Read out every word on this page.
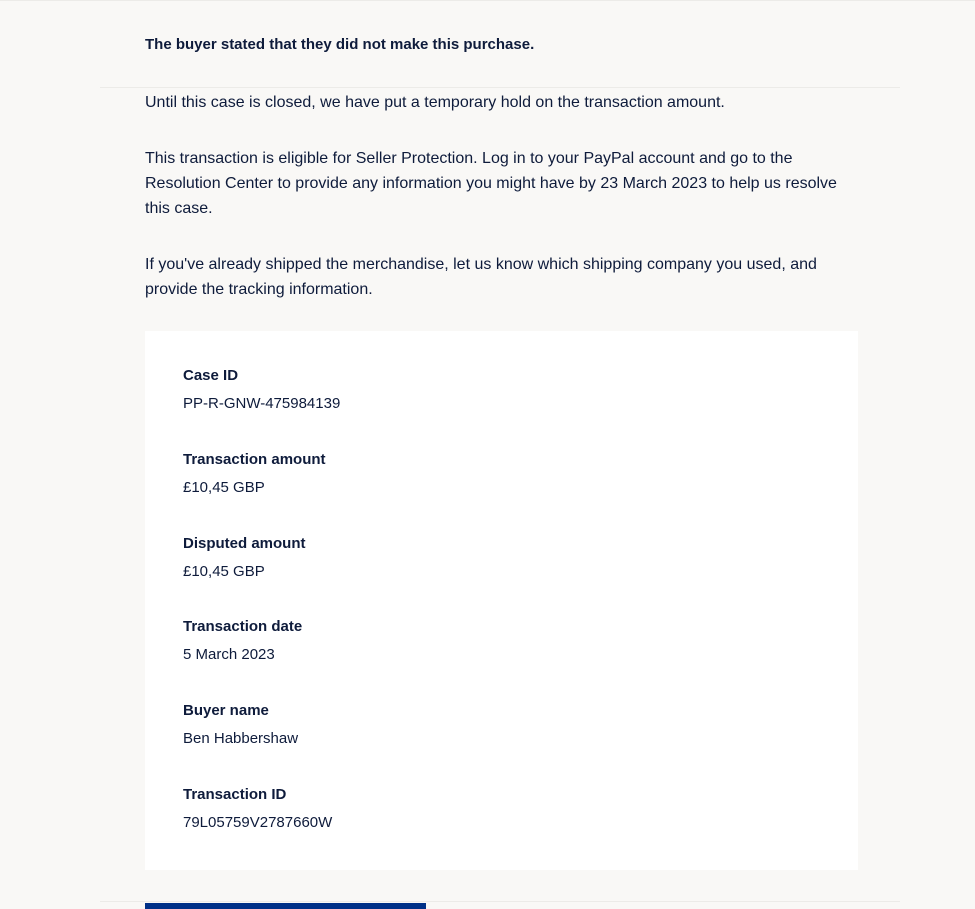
The buyer stated that they did not make this purchase.

Until this case is closed, we have put a temporary hold on the transaction amount.

This transaction is eligible for Seller Protection. Log in to your PayPal account and go to the Resolution Center to provide any information you might have by 23 March 2023 to help us resolve this case.

If you've already shipped the merchandise, let us know which shipping company you used, and provide the tracking information.

Case ID

PP-R-GNW-475984139

Transaction amount

£10,45 GBP

Disputed amount

£10,45 GBP

Transaction date

5 March 2023

Buyer name

Ben Habbershaw

Transaction ID

79L05759V2787660W
